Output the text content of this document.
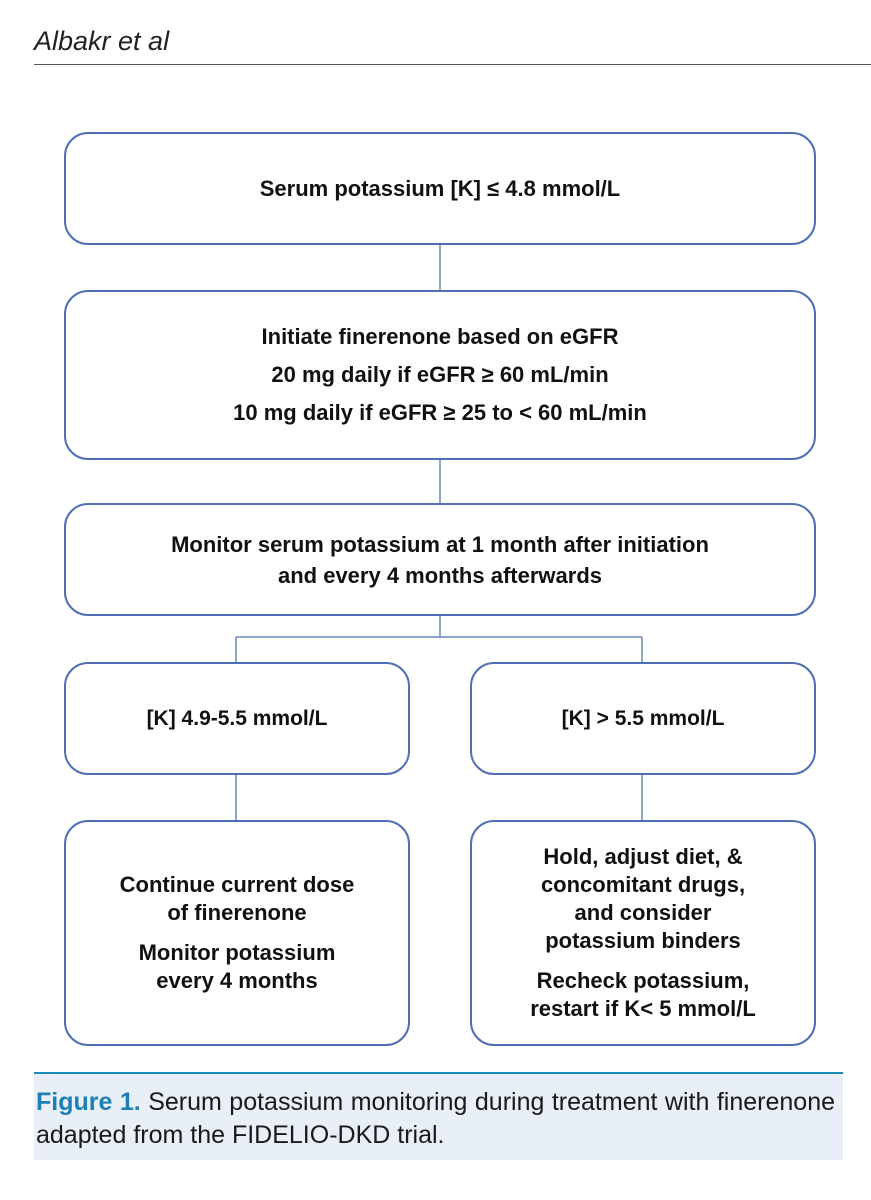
Albakr et al
Serum potassium [K] ≤ 4.8 mmol/L
Initiate finerenone based on eGFR
20 mg daily if eGFR ≥ 60 mL/min
10 mg daily if eGFR ≥ 25 to < 60 mL/min
Monitor serum potassium at 1 month after initiation
and every 4 months afterwards
[K] 4.9-5.5 mmol/L	[K] > 5.5 mmol/L
Continue current dose
of finerenone
Monitor potassium
every 4 months
Hold, adjust diet, &
concomitant drugs,
and consider
potassium binders
Recheck potassium,
restart if K< 5 mmol/L
Figure 1. Serum potassium monitoring during treatment with finerenone adapted from the FIDELIO-DKD trial.
